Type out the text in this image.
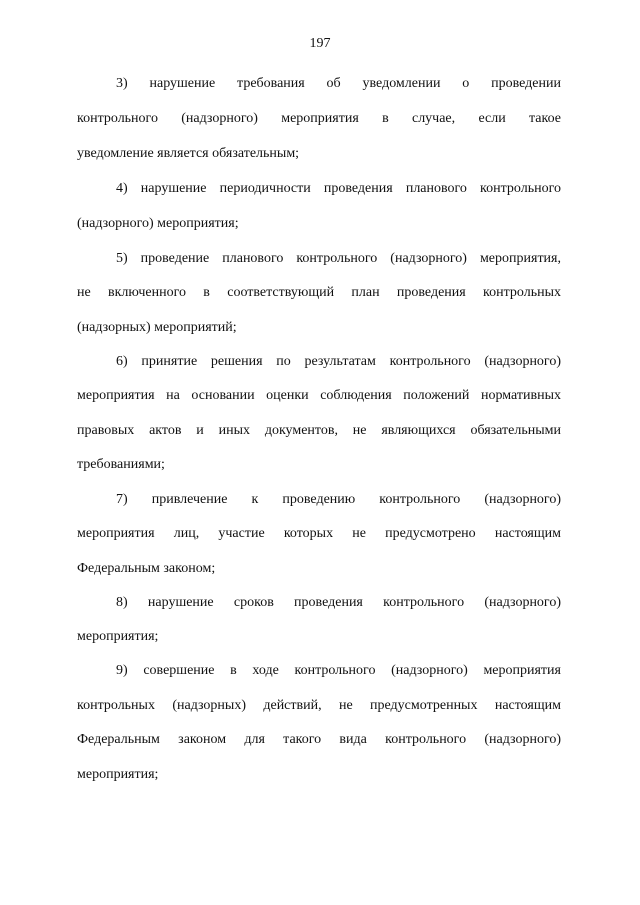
197
3) нарушение требования об уведомлении о проведении
контрольного (надзорного) мероприятия в случае, если такое
уведомление является обязательным;
4) нарушение периодичности проведения планового контрольного
(надзорного) мероприятия;
5) проведение планового контрольного (надзорного) мероприятия,
не включенного в соответствующий план проведения контрольных
(надзорных) мероприятий;
6) принятие решения по результатам контрольного (надзорного)
мероприятия на основании оценки соблюдения положений нормативных
правовых актов и иных документов, не являющихся обязательными
требованиями;
7) привлечение к проведению контрольного (надзорного)
мероприятия лиц, участие которых не предусмотрено настоящим
Федеральным законом;
8) нарушение сроков проведения контрольного (надзорного)
мероприятия;
9) совершение в ходе контрольного (надзорного) мероприятия
контрольных (надзорных) действий, не предусмотренных настоящим
Федеральным законом для такого вида контрольного (надзорного)
мероприятия;
